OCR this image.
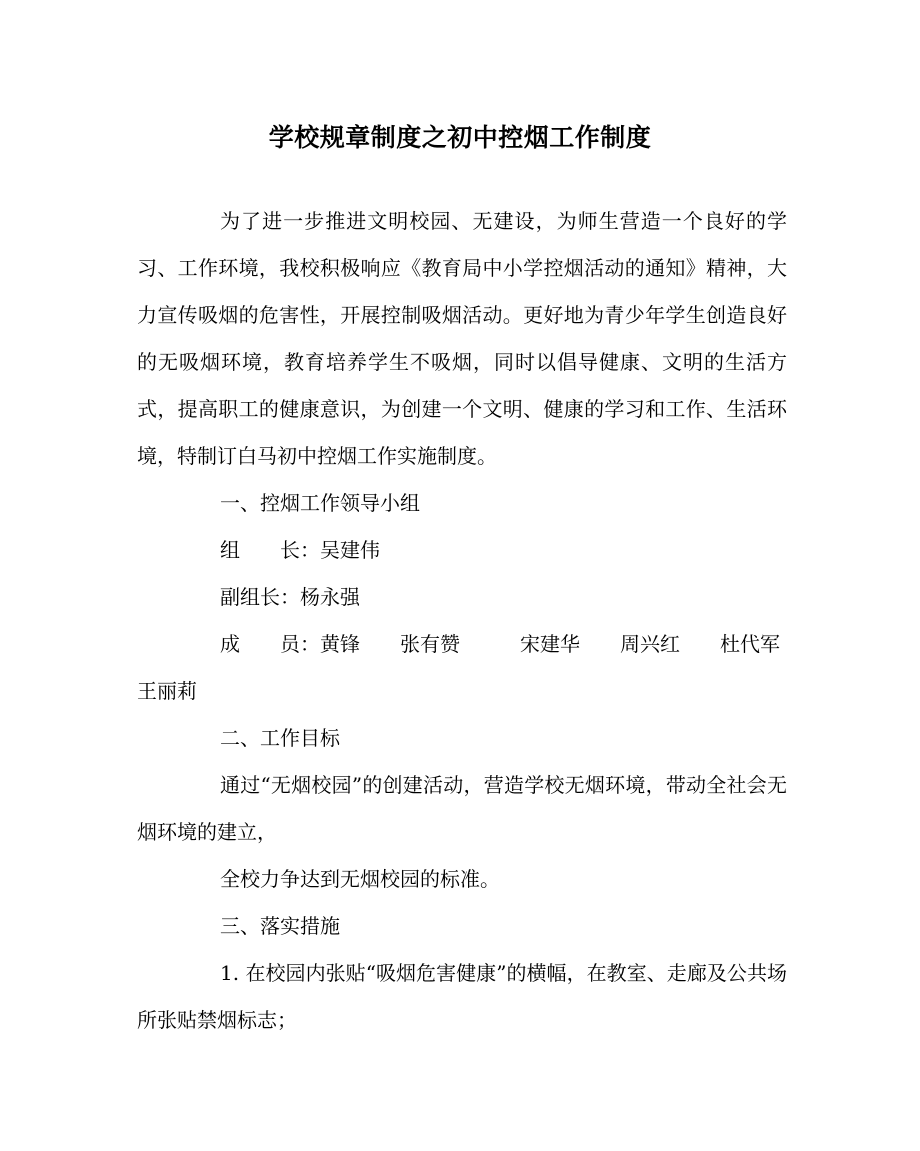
学校规章制度之初中控烟工作制度

为了进一步推进文明校园、无建设，为师生营造一个良好的学习、工作环境，我校积极响应《教育局中小学控烟活动的通知》精神，大力宣传吸烟的危害性，开展控制吸烟活动。更好地为青少年学生创造良好的无吸烟环境，教育培养学生不吸烟，同时以倡导健康、文明的生活方式，提高职工的健康意识，为创建一个文明、健康的学习和工作、生活环境，特制订白马初中控烟工作实施制度。

一、控烟工作领导小组

组　　长：吴建伟

副组长：杨永强

成　　员：黄锋　　张有赞　　　宋建华　　周兴红　　杜代军

王丽莉

二、工作目标

通过“无烟校园”的创建活动，营造学校无烟环境，带动全社会无烟环境的建立，

全校力争达到无烟校园的标准。

三、落实措施

1. 在校园内张贴“吸烟危害健康”的横幅，在教室、走廊及公共场所张贴禁烟标志；
